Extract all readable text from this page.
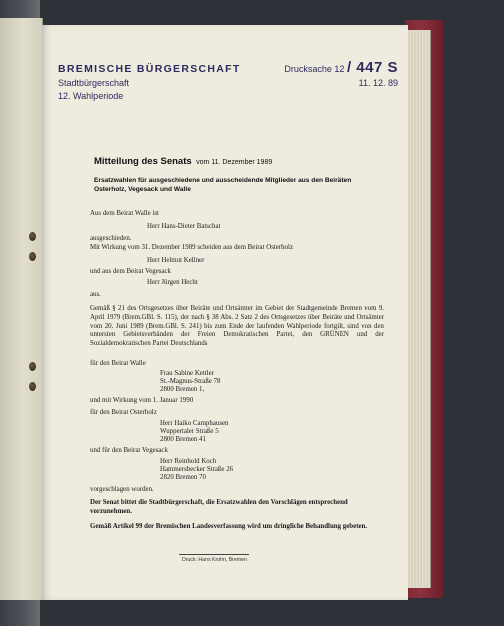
BREMISCHE BÜRGERSCHAFT
Stadtbürgerschaft
12. Wahlperiode
Drucksache 12 / 447 S
11. 12. 89
Mitteilung des Senats vom 11. Dezember 1989
Ersatzwahlen für ausgeschiedene und ausscheidende Mitglieder aus den Beiräten Osterholz, Vegesack und Walle
Aus dem Beirat Walle ist
Herr Hans-Dieter Batschat
ausgeschieden.
Mit Wirkung vom 31. Dezember 1989 scheiden aus dem Beirat Osterholz
Herr Helmut Kellner
und aus dem Beirat Vegesack
Herr Jürgen Hecht
aus.
Gemäß § 21 des Ortsgesetzes über Beiräte und Ortsämter im Gebiet der Stadtgemeinde Bremen vom 9. April 1979 (Brem.GBl. S. 115), der nach § 38 Abs. 2 Satz 2 des Ortsgesetzes über Beiräte und Ortsämter vom 20. Juni 1989 (Brem.GBl. S. 241) bis zum Ende der laufenden Wahlperiode fortgilt, sind von den untersten Gebietsverbänden der Freien Demokratischen Partei, den GRÜNEN und der Sozialdemokratischen Partei Deutschlands
für den Beirat Walle
Frau Sabine Kettler
St.-Magnus-Straße 78
2800 Bremen 1,
und mit Wirkung vom 1. Januar 1990
für den Beirat Osterholz
Herr Haiko Camphausen
Wuppertaler Straße 5
2800 Bremen 41
und für den Beirat Vegesack
Herr Reinhold Koch
Hammersbecker Straße 26
2820 Bremen 70
vorgeschlagen worden.
Der Senat bittet die Stadtbürgerschaft, die Ersatzwahlen den Vorschlägen entsprechend vorzunehmen.
Gemäß Artikel 99 der Bremischen Landesverfassung wird um dringliche Behandlung gebeten.
Druck: Hans Krohn, Bremen
